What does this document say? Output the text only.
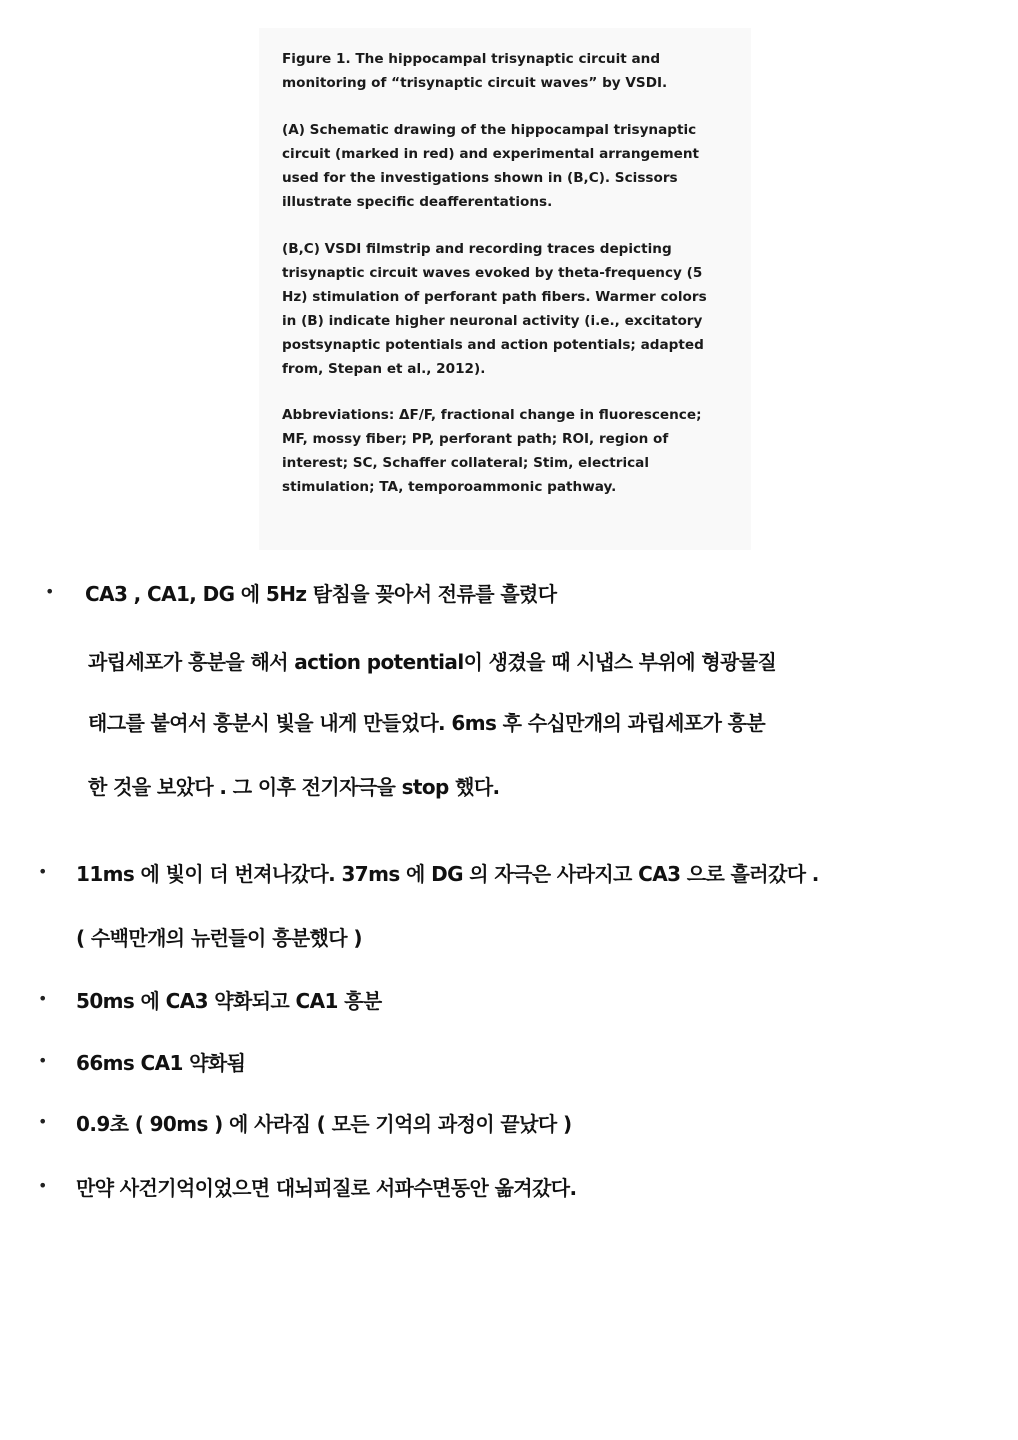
Figure 1. The hippocampal trisynaptic circuit and
monitoring of “trisynaptic circuit waves” by VSDI.

(A) Schematic drawing of the hippocampal trisynaptic
circuit (marked in red) and experimental arrangement
used for the investigations shown in (B,C). Scissors
illustrate specific deafferentations.

(B,C) VSDI filmstrip and recording traces depicting
trisynaptic circuit waves evoked by theta-frequency (5
Hz) stimulation of perforant path fibers. Warmer colors
in (B) indicate higher neuronal activity (i.e., excitatory
postsynaptic potentials and action potentials; adapted
from, Stepan et al., 2012).

Abbreviations: ΔF/F, fractional change in fluorescence;
MF, mossy fiber; PP, perforant path; ROI, region of
interest; SC, Schaffer collateral; Stim, electrical
stimulation; TA, temporoammonic pathway.

• CA3 , CA1, DG 에 5Hz 탐침을 꽂아서 전류를 흘렸다

과립세포가 흥분을 해서 action potential이 생겼을 때 시냅스 부위에 형광물질

태그를 붙여서 흥분시 빛을 내게 만들었다. 6ms 후 수십만개의 과립세포가 흥분

한 것을 보았다 . 그 이후 전기자극을 stop 했다.

• 11ms 에 빛이 더 번져나갔다. 37ms 에 DG 의 자극은 사라지고 CA3 으로 흘러갔다 .

( 수백만개의 뉴런들이 흥분했다 )

• 50ms 에 CA3 약화되고 CA1 흥분

• 66ms CA1 약화됨

• 0.9초 ( 90ms ) 에 사라짐 ( 모든 기억의 과정이 끝났다 )

• 만약 사건기억이었으면 대뇌피질로 서파수면동안 옮겨갔다.
